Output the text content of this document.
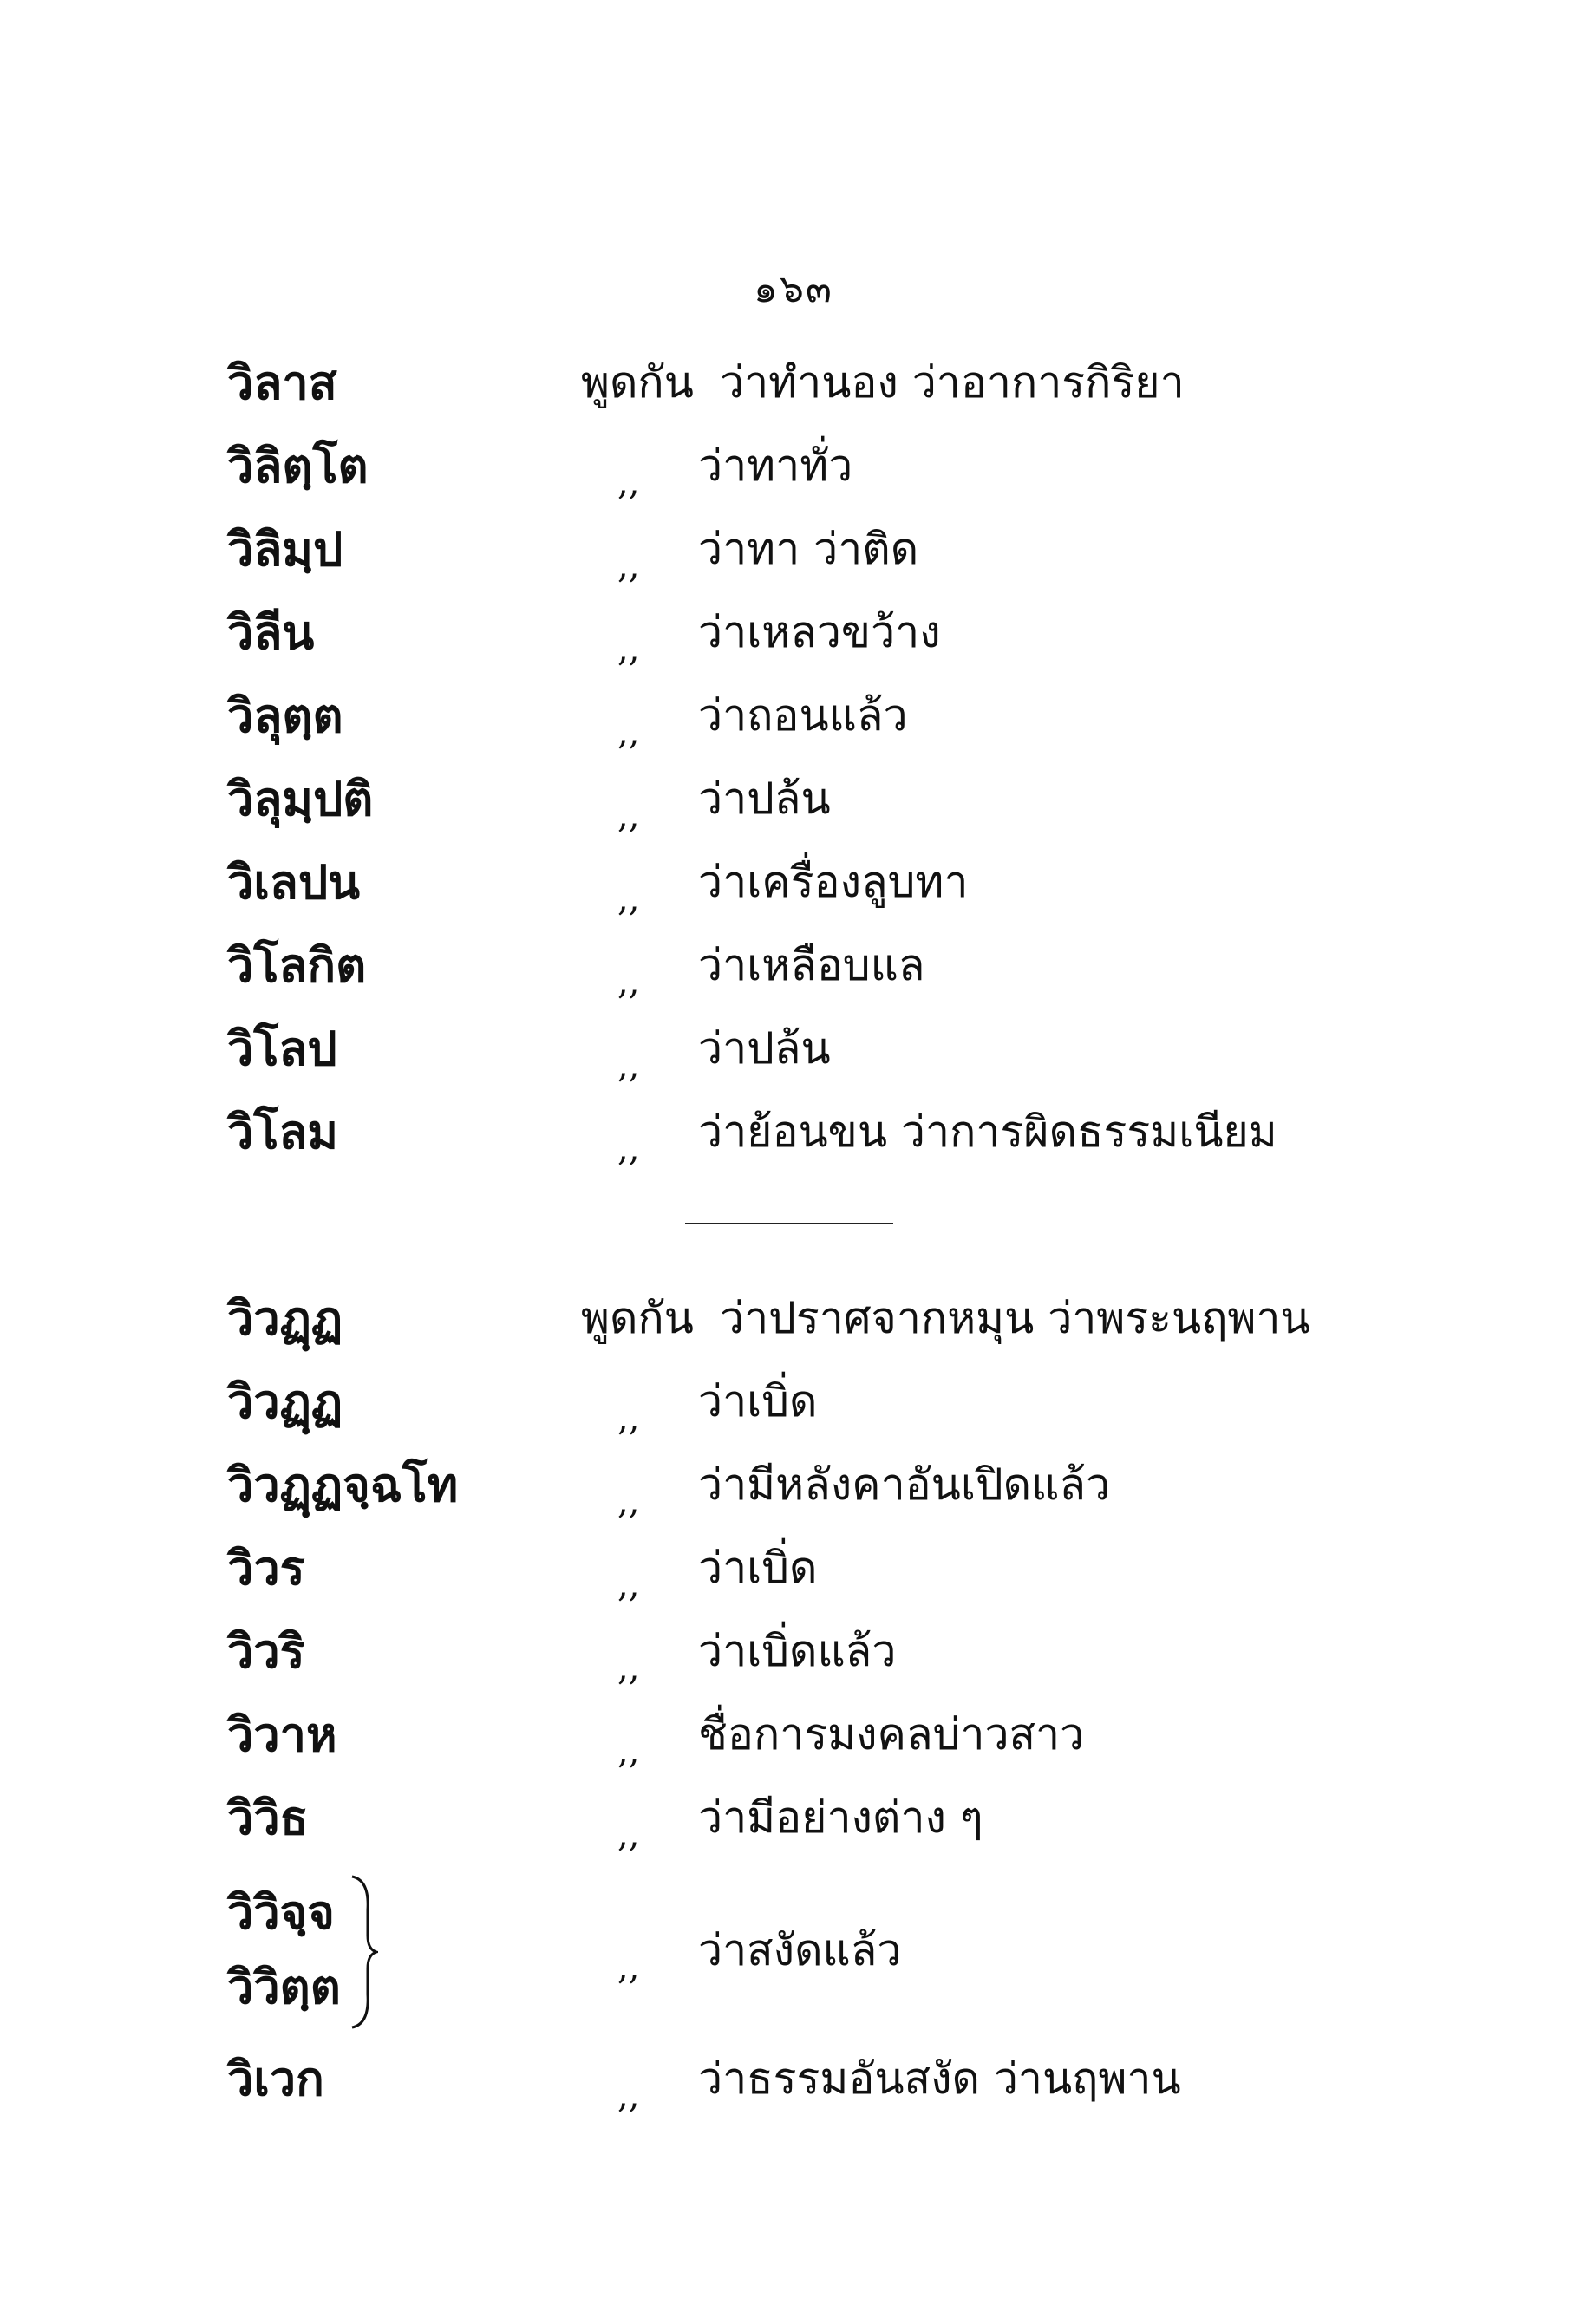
๑๖๓
วิลาส	พูดกัน ว่าทำนอง ว่าอาการกิริยา
วิลิตฺโต	,, ว่าทาทั่ว
วิลิมฺป	,, ว่าทา ว่าติด
วิลีน	,, ว่าเหลวขว้าง
วิลุตฺต	,, ว่าถอนแล้ว
วิลุมฺปติ	,, ว่าปล้น
วิเลปน	,, ว่าเครื่องลูบทา
วิโลกิต	,, ว่าเหลือบแล
วิโลป	,, ว่าปล้น
วิโลม	,, ว่าย้อนขน ว่าการผิดธรรมเนียม
วิวฏฺฏ	พูดกัน ว่าปราศจากหมุน ว่าพระนฤพาน
วิวฏฺฏ	,, ว่าเบิ่ด
วิวฏฺฏจฺฉโท	,, ว่ามีหลังคาอันเปิดแล้ว
วิวร	,, ว่าเบิ่ด
วิวริ	,, ว่าเบิ่ดแล้ว
วิวาห	,, ชื่อการมงคลบ่าวสาว
วิวิธ	,, ว่ามีอย่างต่าง ๆ
วิวิจฺจ
วิวิตฺต	,, ว่าสงัดแล้ว
วิเวก	,, ว่าธรรมอันสงัด ว่านฤพาน
